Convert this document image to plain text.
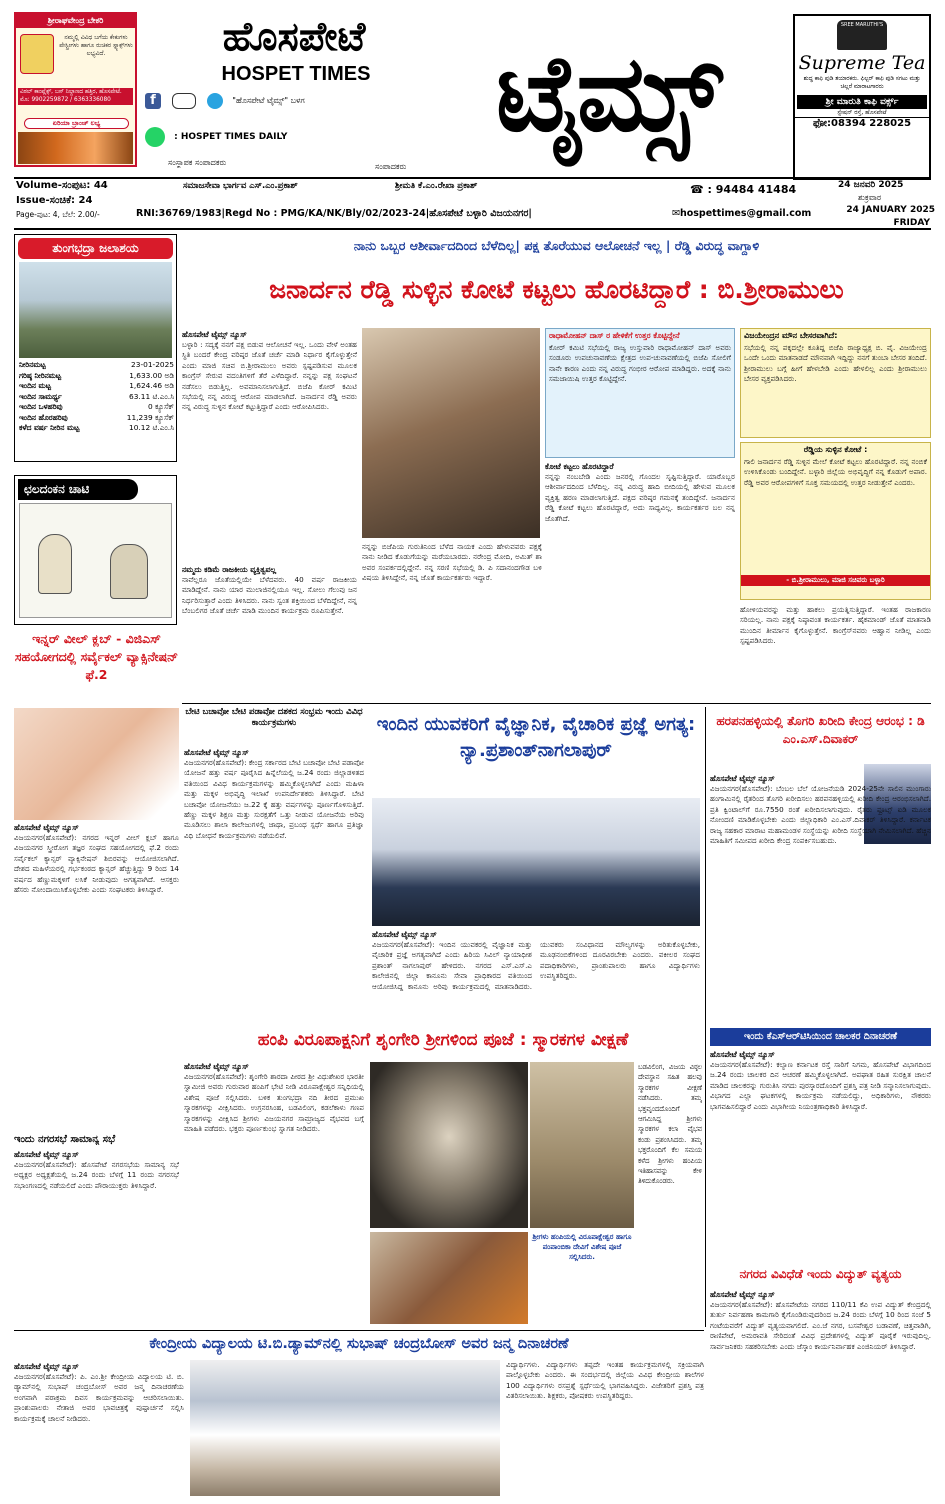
ಶ್ರೀರಾಘವೇಂದ್ರ ಬೇಕರಿ
ನಮ್ಮಲ್ಲಿ ವಿವಿಧ ಬಗೆಯ ಕೇಕುಗಳು ಪೇಸ್ಟ್ರೀಗಳು ಹಾಗೂ ರುಚಿಕರ ಸ್ನ್ಯಾಕ್ಸ್‌ಗಳು ಲಭ್ಯವಿದೆ.
ವಿಠಲ್ ಕಾಂಪ್ಲೆಕ್ಸ್, ಬಸ್ ನಿಲ್ದಾಣದ ಹತ್ತಿರ, ಹೊಸಪೇಟೆ. ಮೊ: 9902259872 / 6363336080
ಏರಿಯಾ ಬ್ರಾಂಚ್ ಲಭ್ಯ
ಹೊಸಪೇಟೆ
HOSPET TIMES	ಟೈಮ್ಸ್
f	"ಹೊಸಪೇಟೆ ಟೈಮ್ಸ್" ಬಳಗ
: HOSPET TIMES DAILY
ಸಂಸ್ಥಾಪಕ ಸಂಪಾದಕರು	ಸಂಪಾದಕರು
SREE MARUTHI'S
Supreme Tea
ಶುದ್ಧ ಕಾಫಿ ಪುಡಿ ತಯಾರಕರು. ಫಿಲ್ಟರ್ ಕಾಫಿ ಪುಡಿ ಸಗಟು ಮತ್ತು ಚಿಲ್ಲರೆ ಮಾರಾಟಗಾರರು
ಶ್ರೀ ಮಾರುತಿ ಕಾಫಿ ವರ್ಕ್ಸ್
ಸ್ಟೇಷನ್ ರಸ್ತೆ, ಹೊಸಪೇಟೆ
ಫೋ:08394 228025
Volume-ಸಂಪುಟ: 44	ಸಮಾಜಸೇವಾ ಭಾರ್ಗವ ಎಸ್.ಎಂ.ಪ್ರಕಾಶ್	ಶ್ರೀಮತಿ ಕೆ.ಎಂ.ರೇಖಾ ಪ್ರಕಾಶ್	☎ : 94484 41484
Issue-ಸಂಚಿಕೆ: 24
24 ಜನವರಿ 2025
ಶುಕ್ರವಾರ
Page-ಪುಟ: 4, ಬೆಲೆ: 2.00/-	RNI:36769/1983|Regd No : PMG/KA/NK/Bly/02/2023-24|ಹೊಸಪೇಟೆ ಬಳ್ಳಾರಿ ವಿಜಯನಗರ|	✉hospettimes@gmail.com	24 JANUARY 2025
FRIDAY
ತುಂಗಭದ್ರಾ ಜಲಾಶಯ
ನೀರಿನಮಟ್ಟ	23-01-2025
ಗರಿಷ್ಠ ನೀರಿನಮಟ್ಟ	1,633.00 ಅಡಿ
ಇಂದಿನ ಮಟ್ಟ	1,624.46 ಅಡಿ
ಇಂದಿನ ಸಾಮರ್ಥ್ಯ	63.11 ಟಿ.ಎಂ.ಸಿ
ಇಂದಿನ ಒಳಹರಿವು	0 ಕ್ಯೂಸೆಕ್
ಇಂದಿನ ಹೊರಹರಿವು	11,239 ಕ್ಯೂಸೆಕ್
ಕಳೆದ ವರ್ಷ ನೀರಿನ ಮಟ್ಟ	10.12 ಟಿ.ಎಂ.ಸಿ
ಛಲದಂಕನ ಚಾಟಿ
ಇನ್ನರ್ ವೀಲ್ ಕ್ಲಬ್ - ವಿಜಿಎಸ್ ಸಹಯೋಗದಲ್ಲಿ ಸರ್ವೈಕಲ್ ವ್ಯಾಕ್ಸಿನೇಷನ್ ಫೆ.2
ಹೊಸಪೇಟೆ ಟೈಮ್ಸ್ ನ್ಯೂಸ್
ವಿಜಯನಗರ(ಹೊಸಪೇಟೆ): ನಗರದ ಇನ್ನರ್ ವೀಲ್ ಕ್ಲಬ್ ಹಾಗೂ ವಿಜಯನಗರ ಸ್ತ್ರೀರೋಗ ತಜ್ಞರ ಸಂಘದ ಸಹಯೋಗದಲ್ಲಿ ಫೆ.2 ರಂದು ಸರ್ವೈಕಲ್ ಕ್ಯಾನ್ಸರ್ ವ್ಯಾಕ್ಸಿನೇಷನ್ ಶಿಬಿರವನ್ನು ಆಯೋಜಿಸಲಾಗಿದೆ. ದೇಶದ ಮಹಿಳೆಯರಲ್ಲಿ ಗರ್ಭಕಂಠದ ಕ್ಯಾನ್ಸರ್ ಹೆಚ್ಚುತ್ತಿದ್ದು 9 ರಿಂದ 14 ವರ್ಷದ ಹೆಣ್ಣುಮಕ್ಕಳಿಗೆ ಲಸಿಕೆ ನೀಡುವುದು ಅಗತ್ಯವಾಗಿದೆ. ಆಸಕ್ತರು ಹೆಸರು ನೋಂದಾಯಿಸಿಕೊಳ್ಳಬೇಕು ಎಂದು ಸಂಘಟಕರು ತಿಳಿಸಿದ್ದಾರೆ.
ಇಂದು ನಗರಸಭೆ ಸಾಮಾನ್ಯ ಸಭೆ
ಹೊಸಪೇಟೆ ಟೈಮ್ಸ್ ನ್ಯೂಸ್
ವಿಜಯನಗರ(ಹೊಸಪೇಟೆ): ಹೊಸಪೇಟೆ ನಗರಸಭೆಯ ಸಾಮಾನ್ಯ ಸಭೆ ಅಧ್ಯಕ್ಷರ ಅಧ್ಯಕ್ಷತೆಯಲ್ಲಿ ಜ.24 ರಂದು ಬೆಳಗ್ಗೆ 11 ರಂದು ನಗರಸಭೆ ಸಭಾಂಗಣದಲ್ಲಿ ನಡೆಯಲಿದೆ ಎಂದು ಪೌರಾಯುಕ್ತರು ತಿಳಿಸಿದ್ದಾರೆ.
ನಾನು ಒಬ್ಬರ ಆಶೀರ್ವಾದದಿಂದ ಬೆಳೆದಿಲ್ಲ| ಪಕ್ಷ ತೊರೆಯುವ ಆಲೋಚನೆ ಇಲ್ಲ | ರೆಡ್ಡಿ ವಿರುದ್ಧ ವಾಗ್ದಾಳಿ
ಜನಾರ್ದನ ರೆಡ್ಡಿ ಸುಳ್ಳಿನ ಕೋಟೆ ಕಟ್ಟಲು ಹೊರಟಿದ್ದಾರೆ : ಬಿ.ಶ್ರೀರಾಮುಲು
ಹೊಸಪೇಟೆ ಟೈಮ್ಸ್ ನ್ಯೂಸ್
ಬಳ್ಳಾರಿ : ಸದ್ಯಕ್ಕೆ ನನಗೆ ಪಕ್ಷ ಬಿಡುವ ಆಲೋಚನೆ ಇಲ್ಲ. ಒಂದು ವೇಳೆ ಅಂತಹ ಸ್ಥಿತಿ ಬಂದರೆ ಕೇಂದ್ರ ವರಿಷ್ಠರ ಜೊತೆ ಚರ್ಚೆ ಮಾಡಿ ನಿರ್ಧಾರ ಕೈಗೊಳ್ಳುತ್ತೇನೆ ಎಂದು ಮಾಜಿ ಸಚಿವ ಬಿ.ಶ್ರೀರಾಮುಲು ಅವರು ಸ್ಪಷ್ಟಪಡಿಸುವ ಮೂಲಕ ಕಾಂಗ್ರೆಸ್ ಸೇರುವ ವದಂತಿಗಳಿಗೆ ತೆರೆ ಎಳೆದಿದ್ದಾರೆ. ನನ್ನನ್ನು ಪಕ್ಷ ಸಂಘಟನೆ ನಡೆಸಲು ಬಿಡುತ್ತಿಲ್ಲ. ಅವಮಾನಿಸಲಾಗುತ್ತಿದೆ. ಬಿಜೆಪಿ ಕೋರ್ ಕಮಿಟಿ ಸಭೆಯಲ್ಲಿ ನನ್ನ ವಿರುದ್ಧ ಆರೋಪ ಮಾಡಲಾಗಿದೆ. ಜನಾರ್ದನ ರೆಡ್ಡಿ ಅವರು ನನ್ನ ವಿರುದ್ಧ ಸುಳ್ಳಿನ ಕೋಟೆ ಕಟ್ಟುತ್ತಿದ್ದಾರೆ ಎಂದು ಆರೋಪಿಸಿದರು.
ನಮ್ಮದು ಕಡಿಮೆ ರಾಜಕೀಯ ವ್ಯಕ್ತಿತ್ವವಲ್ಲ
ನಾವೆಲ್ಲರೂ ಜೊತೆಯಲ್ಲಿಯೇ ಬೆಳೆದವರು. 40 ವರ್ಷ ರಾಜಕೀಯ ಮಾಡಿದ್ದೇನೆ. ನಾನು ಯಾರ ಮುಲಾಜಿನಲ್ಲಿಯೂ ಇಲ್ಲ. ಸೋಲು ಗೆಲುವು ಜನ ನಿರ್ಧರಿಸುತ್ತಾರೆ ಎಂದು ತಿಳಿಸಿದರು. ನಾನು ಸ್ವಂತ ಶಕ್ತಿಯಿಂದ ಬೆಳೆದಿದ್ದೇನೆ, ನನ್ನ ಬೆಂಬಲಿಗರ ಜೊತೆ ಚರ್ಚೆ ಮಾಡಿ ಮುಂದಿನ ಕಾರ್ಯಕ್ರಮ ರೂಪಿಸುತ್ತೇನೆ.
ನನ್ನನ್ನು ಬಿಜೆಪಿಯ ಗುರುತಿನಿಂದ ಬೆಳೆದ ನಾಯಕ ಎಂದು ಹೇಳುವವರು ಪಕ್ಷಕ್ಕೆ ನಾನು ನೀಡಿದ ಕೊಡುಗೆಯನ್ನು ಮರೆಯಬಾರದು. ನರೇಂದ್ರ ಮೋದಿ, ಅಮಿತ್ ಶಾ ಅವರ ಸಂಪರ್ಕದಲ್ಲಿದ್ದೇನೆ. ನನ್ನ ಸರಣಿ ಸಭೆಯಲ್ಲಿ ಡಿ. ಪಿ ಸದಾನಂದಗೌಡ ಬಳಿ ವಿಷಯ ತಿಳಿಸಿದ್ದೇನೆ, ನನ್ನ ಜೊತೆ ಕಾರ್ಯಕರ್ತರು ಇದ್ದಾರೆ.
ರಾಧಾಮೋಹನ್ ದಾಸ್ ರ ಹೇಳಿಕೆಗೆ ಉತ್ತರ ಕೊಟ್ಟಿದ್ದೇನೆ
ಕೋರ್ ಕಮಿಟಿ ಸಭೆಯಲ್ಲಿ ರಾಜ್ಯ ಉಸ್ತುವಾರಿ ರಾಧಾಮೋಹನ್ ದಾಸ್ ಅವರು ಸಂಡೂರು ಉಪಚುನಾವಣೆಯ ಕ್ಷೇತ್ರದ ಉಪ-ಚುನಾವಣೆಯಲ್ಲಿ ಬಿಜೆಪಿ ಸೋಲಿಗೆ ನಾನೇ ಕಾರಣ ಎಂದು ನನ್ನ ವಿರುದ್ಧ ಗಂಭೀರ ಆರೋಪ ಮಾಡಿದ್ದರು. ಅದಕ್ಕೆ ನಾನು ಸಮಜಾಯಿಷಿ ಉತ್ತರ ಕೊಟ್ಟಿದ್ದೇನೆ.
ಕೋಟೆ ಕಟ್ಟಲು ಹೊರಟಿದ್ದಾರೆ
ನನ್ನನ್ನು ನಂಬಬೇಡಿ ಎಂದು ಜನರಲ್ಲಿ ಗೊಂದಲ ಸೃಷ್ಟಿಸುತ್ತಿದ್ದಾರೆ. ಯಾರೊಬ್ಬರ ಆಶೀರ್ವಾದದಿಂದ ಬೆಳೆದಿಲ್ಲ. ನನ್ನ ವಿರುದ್ಧ ಹಾದಿ ಬೀದಿಯಲ್ಲಿ ಹೇಳುವ ಮೂಲಕ ವ್ಯಕ್ತಿತ್ವ ಹರಣ ಮಾಡಲಾಗುತ್ತಿದೆ. ಪಕ್ಷದ ವರಿಷ್ಠರ ಗಮನಕ್ಕೆ ತಂದಿದ್ದೇನೆ. ಜನಾರ್ದನ ರೆಡ್ಡಿ ಕೋಟೆ ಕಟ್ಟಲು ಹೊರಟಿದ್ದಾರೆ, ಅದು ಸಾಧ್ಯವಿಲ್ಲ. ಕಾರ್ಯಕರ್ತರ ಬಲ ನನ್ನ ಜೊತೆಗಿದೆ.
ವಿಜಯೇಂದ್ರನ ಮೌನ ಬೇಸರವಾಗಿದೆ:
ಸಭೆಯಲ್ಲಿ ನನ್ನ ಪಕ್ಕದಲ್ಲೇ ಕೂತಿದ್ದ ಬಿಜೆಪಿ ರಾಜ್ಯಾಧ್ಯಕ್ಷ ಬಿ. ವೈ. ವಿಜಯೇಂದ್ರ ಒಂದೇ ಒಂದು ಮಾತನಾಡದೆ ಮೌನವಾಗಿ ಇದ್ದಿದ್ದು ನನಗೆ ತುಂಬಾ ಬೇಸರ ತಂದಿದೆ. ಶ್ರೀರಾಮುಲು ಬಗ್ಗೆ ಹೀಗೆ ಹೇಳಬೇಡಿ ಎಂದು ಹೇಳಲಿಲ್ಲ ಎಂದು ಶ್ರೀರಾಮುಲು ಬೇಸರ ವ್ಯಕ್ತಪಡಿಸಿದರು.
ರೆಡ್ಡಿಯ ಸುಳ್ಳಿನ ಕೋಟೆ :
ಗಾಲಿ ಜನಾರ್ದನ ರೆಡ್ಡಿ ಸುಳ್ಳಿನ ಮೇಲೆ ಕೋಟೆ ಕಟ್ಟಲು ಹೊರಟಿದ್ದಾರೆ. ನನ್ನ ನಂಬಿಕೆ ಉಳಿಸಿಕೊಂಡು ಬಂದಿದ್ದೇನೆ. ಬಳ್ಳಾರಿ ಜಿಲ್ಲೆಯ ಅಭಿವೃದ್ಧಿಗೆ ನನ್ನ ಕೊಡುಗೆ ಅಪಾರ. ರೆಡ್ಡಿ ಅವರ ಆರೋಪಗಳಿಗೆ ಸೂಕ್ತ ಸಮಯದಲ್ಲಿ ಉತ್ತರ ನೀಡುತ್ತೇನೆ ಎಂದರು.
- ಬಿ.ಶ್ರೀರಾಮುಲು, ಮಾಜಿ ಸಚಿವರು ಬಳ್ಳಾರಿ
ಹೋಳಿಯವರನ್ನು ಮತ್ತು ಹಾಕಲು ಪ್ರಯತ್ನಿಸುತ್ತಿದ್ದಾರೆ. ಇಂತಹ ರಾಜಕಾರಣ ಸರಿಯಲ್ಲ. ನಾನು ಪಕ್ಷಕ್ಕೆ ನಿಷ್ಠಾವಂತ ಕಾರ್ಯಕರ್ತ. ಹೈಕಮಾಂಡ್ ಜೊತೆ ಮಾತನಾಡಿ ಮುಂದಿನ ತೀರ್ಮಾನ ಕೈಗೊಳ್ಳುತ್ತೇನೆ. ಕಾಂಗ್ರೆಸ್‌ನವರು ಆಹ್ವಾನ ನೀಡಿಲ್ಲ ಎಂದು ಸ್ಪಷ್ಟಪಡಿಸಿದರು.
ಬೇಟಿ ಬಚಾವೋ ಬೇಟಿ ಪಡಾವೋ ದಶಕದ ಸಂಭ್ರಮ ಇಂದು ವಿವಿಧ ಕಾರ್ಯಕ್ರಮಗಳು
ಹೊಸಪೇಟೆ ಟೈಮ್ಸ್ ನ್ಯೂಸ್
ವಿಜಯನಗರ(ಹೊಸಪೇಟೆ): ಕೇಂದ್ರ ಸರ್ಕಾರದ ಬೇಟಿ ಬಚಾವೋ ಬೇಟಿ ಪಡಾವೋ ಯೋಜನೆ ಹತ್ತು ವರ್ಷ ಪೂರೈಸಿದ ಹಿನ್ನೆಲೆಯಲ್ಲಿ ಜ.24 ರಂದು ಜಿಲ್ಲಾಡಳಿತದ ವತಿಯಿಂದ ವಿವಿಧ ಕಾರ್ಯಕ್ರಮಗಳನ್ನು ಹಮ್ಮಿಕೊಳ್ಳಲಾಗಿದೆ ಎಂದು ಮಹಿಳಾ ಮತ್ತು ಮಕ್ಕಳ ಅಭಿವೃದ್ಧಿ ಇಲಾಖೆ ಉಪನಿರ್ದೇಶಕರು ತಿಳಿಸಿದ್ದಾರೆ. ಬೇಟಿ ಬಚಾವೋ ಯೋಜನೆಯು ಜ.22 ಕ್ಕೆ ಹತ್ತು ವರ್ಷಗಳನ್ನು ಪೂರ್ಣಗೊಳಿಸುತ್ತಿದೆ. ಹೆಣ್ಣು ಮಕ್ಕಳ ಶಿಕ್ಷಣ ಮತ್ತು ಸುರಕ್ಷತೆಗೆ ಒತ್ತು ನೀಡುವ ಯೋಜನೆಯ ಅರಿವು ಮೂಡಿಸಲು ಶಾಲಾ ಕಾಲೇಜುಗಳಲ್ಲಿ ಜಾಥಾ, ಪ್ರಬಂಧ ಸ್ಪರ್ಧೆ ಹಾಗೂ ಪ್ರತಿಜ್ಞಾ ವಿಧಿ ಬೋಧನೆ ಕಾರ್ಯಕ್ರಮಗಳು ನಡೆಯಲಿವೆ.
ಇಂದಿನ ಯುವಕರಿಗೆ ವೈಜ್ಞಾನಿಕ, ವೈಚಾರಿಕ ಪ್ರಜ್ಞೆ ಅಗತ್ಯ: ನ್ಯಾ.ಪ್ರಶಾಂತ್‌ನಾಗಲಾಪುರ್
ಹೊಸಪೇಟೆ ಟೈಮ್ಸ್ ನ್ಯೂಸ್
ವಿಜಯನಗರ(ಹೊಸಪೇಟೆ): ಇಂದಿನ ಯುವಕರಲ್ಲಿ ವೈಜ್ಞಾನಿಕ ಮತ್ತು ವೈಚಾರಿಕ ಪ್ರಜ್ಞೆ ಅಗತ್ಯವಾಗಿದೆ ಎಂದು ಹಿರಿಯ ಸಿವಿಲ್ ನ್ಯಾಯಾಧೀಶ ಪ್ರಶಾಂತ್ ನಾಗಲಾಪುರ್ ಹೇಳಿದರು. ನಗರದ ಎಸ್.ಎಸ್.ಎ ಕಾಲೇಜಿನಲ್ಲಿ ಜಿಲ್ಲಾ ಕಾನೂನು ಸೇವಾ ಪ್ರಾಧಿಕಾರದ ವತಿಯಿಂದ ಆಯೋಜಿಸಿದ್ದ ಕಾನೂನು ಅರಿವು ಕಾರ್ಯಕ್ರಮದಲ್ಲಿ ಮಾತನಾಡಿದರು. ಯುವಕರು ಸಂವಿಧಾನದ ಮೌಲ್ಯಗಳನ್ನು ಅರಿತುಕೊಳ್ಳಬೇಕು, ಮೂಢನಂಬಿಕೆಗಳಿಂದ ದೂರವಿರಬೇಕು ಎಂದರು. ವಕೀಲರ ಸಂಘದ ಪದಾಧಿಕಾರಿಗಳು, ಪ್ರಾಂಶುಪಾಲರು ಹಾಗೂ ವಿದ್ಯಾರ್ಥಿಗಳು ಉಪಸ್ಥಿತರಿದ್ದರು.
ಹರಪನಹಳ್ಳಿಯಲ್ಲಿ ತೊಗರಿ ಖರೀದಿ ಕೇಂದ್ರ ಆರಂಭ : ಡಿ ಎಂ.ಎಸ್.ದಿವಾಕರ್
ಹೊಸಪೇಟೆ ಟೈಮ್ಸ್ ನ್ಯೂಸ್
ವಿಜಯನಗರ(ಹೊಸಪೇಟೆ): ಬೆಂಬಲ ಬೆಲೆ ಯೋಜನೆಯಡಿ 2024-25ನೇ ಸಾಲಿನ ಮುಂಗಾರು ಹಂಗಾಮಿನಲ್ಲಿ ರೈತರಿಂದ ತೊಗರಿ ಖರೀದಿಸಲು ಹರಪನಹಳ್ಳಿಯಲ್ಲಿ ಖರೀದಿ ಕೇಂದ್ರ ಆರಂಭಿಸಲಾಗಿದೆ. ಪ್ರತಿ ಕ್ವಿಂಟಾಲ್‌ಗೆ ರೂ.7550 ರಂತೆ ಖರೀದಿಸಲಾಗುವುದು. ರೈತರು ಫ್ರೂಟ್ಸ್ ಐಡಿ ಮೂಲಕ ನೋಂದಣಿ ಮಾಡಿಕೊಳ್ಳಬೇಕು ಎಂದು ಜಿಲ್ಲಾಧಿಕಾರಿ ಎಂ.ಎಸ್.ದಿವಾಕರ್ ತಿಳಿಸಿದ್ದಾರೆ. ಕರ್ನಾಟಕ ರಾಜ್ಯ ಸಹಕಾರ ಮಾರಾಟ ಮಹಾಮಂಡಳ ಸಂಸ್ಥೆಯನ್ನು ಖರೀದಿ ಸಂಸ್ಥೆಯಾಗಿ ನೇಮಿಸಲಾಗಿದೆ. ಹೆಚ್ಚಿನ ಮಾಹಿತಿಗೆ ಸಮೀಪದ ಖರೀದಿ ಕೇಂದ್ರ ಸಂಪರ್ಕಿಸಬಹುದು.
ಹಂಪಿ ವಿರೂಪಾಕ್ಷನಿಗೆ ಶೃಂಗೇರಿ ಶ್ರೀಗಳಿಂದ ಪೂಜೆ : ಸ್ಮಾರಕಗಳ ವೀಕ್ಷಣೆ
ಹೊಸಪೇಟೆ ಟೈಮ್ಸ್ ನ್ಯೂಸ್
ವಿಜಯನಗರ(ಹೊಸಪೇಟೆ): ಶೃಂಗೇರಿ ಶಾರದಾ ಪೀಠದ ಶ್ರೀ ವಿಧುಶೇಖರ ಭಾರತೀ ಸ್ವಾಮೀಜಿ ಅವರು ಗುರುವಾರ ಹಂಪಿಗೆ ಭೇಟಿ ನೀಡಿ ವಿರೂಪಾಕ್ಷೇಶ್ವರ ಸನ್ನಿಧಿಯಲ್ಲಿ ವಿಶೇಷ ಪೂಜೆ ಸಲ್ಲಿಸಿದರು. ಬಳಿಕ ತುಂಗಭದ್ರಾ ನದಿ ತೀರದ ಪ್ರಮುಖ ಸ್ಮಾರಕಗಳನ್ನು ವೀಕ್ಷಿಸಿದರು. ಉಗ್ರನರಸಿಂಹ, ಬಡವಿಲಿಂಗ, ಕಡಲೆಕಾಳು ಗಣಪ ಸ್ಮಾರಕಗಳನ್ನು ವೀಕ್ಷಿಸಿದ ಶ್ರೀಗಳು ವಿಜಯನಗರ ಸಾಮ್ರಾಜ್ಯದ ವೈಭವದ ಬಗ್ಗೆ ಮಾಹಿತಿ ಪಡೆದರು. ಭಕ್ತರು ಪೂರ್ಣಕುಂಭ ಸ್ವಾಗತ ನೀಡಿದರು.
ಶ್ರೀಗಳು ಹಂಪಿಯಲ್ಲಿ ವಿರೂಪಾಕ್ಷೇಶ್ವರ ಹಾಗೂ ಪಂಪಾಂಬಿಕಾ ದೇವಿಗೆ ವಿಶೇಷ ಪೂಜೆ ಸಲ್ಲಿಸಿದರು.
ಬಡವಿಲಿಂಗ, ವಿಜಯ ವಿಠ್ಠಲ ದೇವಸ್ಥಾನ ಸಹಿತ ಹಲವು ಸ್ಮಾರಕಗಳ ವೀಕ್ಷಣೆ ನಡೆಸಿದರು. ತಮ್ಮ ಭಕ್ತವೃಂದದೊಂದಿಗೆ ಆಗಮಿಸಿದ್ದ ಶ್ರೀಗಳು ಸ್ಮಾರಕಗಳ ಕಲಾ ವೈಭವ ಕಂಡು ಪ್ರಶಂಸಿಸಿದರು. ತಮ್ಮ ಭಕ್ತರೊಂದಿಗೆ ಕೆಲ ಸಮಯ ಕಳೆದ ಶ್ರೀಗಳು ಹಂಪಿಯ ಇತಿಹಾಸವನ್ನು ಕೇಳಿ ತಿಳಿದುಕೊಂಡರು.
ಇಂದು ಕೆಎಸ್‌ಆರ್‌ಟಿಸಿಯಿಂದ ಚಾಲಕರ ದಿನಾಚರಣೆ
ಹೊಸಪೇಟೆ ಟೈಮ್ಸ್ ನ್ಯೂಸ್
ವಿಜಯನಗರ(ಹೊಸಪೇಟೆ): ಕಲ್ಯಾಣ ಕರ್ನಾಟಕ ರಸ್ತೆ ಸಾರಿಗೆ ನಿಗಮ, ಹೊಸಪೇಟೆ ವಿಭಾಗದಿಂದ ಜ.24 ರಂದು ಚಾಲಕರ ದಿನ ಆಚರಣೆ ಹಮ್ಮಿಕೊಳ್ಳಲಾಗಿದೆ. ಅಪಘಾತ ರಹಿತ ಸುರಕ್ಷಿತ ಚಾಲನೆ ಮಾಡಿದ ಚಾಲಕರನ್ನು ಗುರುತಿಸಿ ನಗದು ಪುರಸ್ಕಾರದೊಂದಿಗೆ ಪ್ರಶಸ್ತಿ ಪತ್ರ ನೀಡಿ ಸನ್ಮಾನಿಸಲಾಗುವುದು. ವಿಭಾಗದ ಎಲ್ಲಾ ಘಟಕಗಳಲ್ಲಿ ಕಾರ್ಯಕ್ರಮ ನಡೆಯಲಿದ್ದು, ಅಧಿಕಾರಿಗಳು, ನೌಕರರು ಭಾಗವಹಿಸಲಿದ್ದಾರೆ ಎಂದು ವಿಭಾಗೀಯ ನಿಯಂತ್ರಣಾಧಿಕಾರಿ ತಿಳಿಸಿದ್ದಾರೆ.
ನಗರದ ವಿವಿಧೆಡೆ ಇಂದು ವಿದ್ಯುತ್ ವ್ಯತ್ಯಯ
ಹೊಸಪೇಟೆ ಟೈಮ್ಸ್ ನ್ಯೂಸ್
ವಿಜಯನಗರ(ಹೊಸಪೇಟೆ): ಹೊಸಪೇಟೆಯ ನಗರದ 110/11 ಕೆವಿ ಉಪ ವಿದ್ಯುತ್ ಕೇಂದ್ರದಲ್ಲಿ ತುರ್ತು ನಿರ್ವಹಣಾ ಕಾಮಗಾರಿ ಕೈಗೊಂಡಿರುವುದರಿಂದ ಜ.24 ರಂದು ಬೆಳಗ್ಗೆ 10 ರಿಂದ ಸಂಜೆ 5 ಗಂಟೆಯವರೆಗೆ ವಿದ್ಯುತ್ ವ್ಯತ್ಯಯವಾಗಲಿದೆ. ಎಂ.ಜೆ ನಗರ, ಬಸವೇಶ್ವರ ಬಡಾವಣೆ, ಚಿತ್ತವಾಡಿಗಿ, ರಾಣಿಪೇಟೆ, ಅಮರಾವತಿ ಸೇರಿದಂತೆ ವಿವಿಧ ಪ್ರದೇಶಗಳಲ್ಲಿ ವಿದ್ಯುತ್ ಪೂರೈಕೆ ಇರುವುದಿಲ್ಲ. ಸಾರ್ವಜನಿಕರು ಸಹಕರಿಸಬೇಕು ಎಂದು ಜೆಸ್ಕಾಂ ಕಾರ್ಯನಿರ್ವಾಹಕ ಎಂಜಿನಿಯರ್ ತಿಳಿಸಿದ್ದಾರೆ.
ಕೇಂದ್ರೀಯ ವಿದ್ಯಾಲಯ ಟಿ.ಬಿ.ಡ್ಯಾಮ್‌ನಲ್ಲಿ ಸುಭಾಷ್ ಚಂದ್ರಬೋಸ್ ಅವರ ಜನ್ಮ ದಿನಾಚರಣೆ
ಹೊಸಪೇಟೆ ಟೈಮ್ಸ್ ನ್ಯೂಸ್
ವಿಜಯನಗರ(ಹೊಸಪೇಟೆ): ಪಿ. ಎಂ.ಶ್ರೀ ಕೇಂದ್ರೀಯ ವಿದ್ಯಾಲಯ ಟಿ. ಬಿ. ಡ್ಯಾಮ್‌ನಲ್ಲಿ ಸುಭಾಷ್ ಚಂದ್ರಬೋಸ್ ಅವರ ಜನ್ಮ ದಿನಾಚರಣೆಯ ಅಂಗವಾಗಿ ಪರಾಕ್ರಮ ದಿವಸ ಕಾರ್ಯಕ್ರಮವನ್ನು ಆಚರಿಸಲಾಯಿತು. ಪ್ರಾಂಶುಪಾಲರು ನೇತಾಜಿ ಅವರ ಭಾವಚಿತ್ರಕ್ಕೆ ಪುಷ್ಪಾರ್ಚನೆ ಸಲ್ಲಿಸಿ ಕಾರ್ಯಕ್ರಮಕ್ಕೆ ಚಾಲನೆ ನೀಡಿದರು.
ವಿದ್ಯಾರ್ಥಿಗಳು. ವಿದ್ಯಾರ್ಥಿಗಳು ತಪ್ಪದೇ ಇಂತಹ ಕಾರ್ಯಕ್ರಮಗಳಲ್ಲಿ ಸಕ್ರಿಯವಾಗಿ ಪಾಲ್ಗೊಳ್ಳಬೇಕು ಎಂದರು. ಈ ಸಂದರ್ಭದಲ್ಲಿ ಜಿಲ್ಲೆಯ ವಿವಿಧ ಕೇಂದ್ರೀಯ ಶಾಲೆಗಳ 100 ವಿದ್ಯಾರ್ಥಿಗಳು ರಸಪ್ರಶ್ನೆ ಸ್ಪರ್ಧೆಯಲ್ಲಿ ಭಾಗವಹಿಸಿದ್ದರು. ವಿಜೇತರಿಗೆ ಪ್ರಶಸ್ತಿ ಪತ್ರ ವಿತರಿಸಲಾಯಿತು. ಶಿಕ್ಷಕರು, ಪೋಷಕರು ಉಪಸ್ಥಿತರಿದ್ದರು.
